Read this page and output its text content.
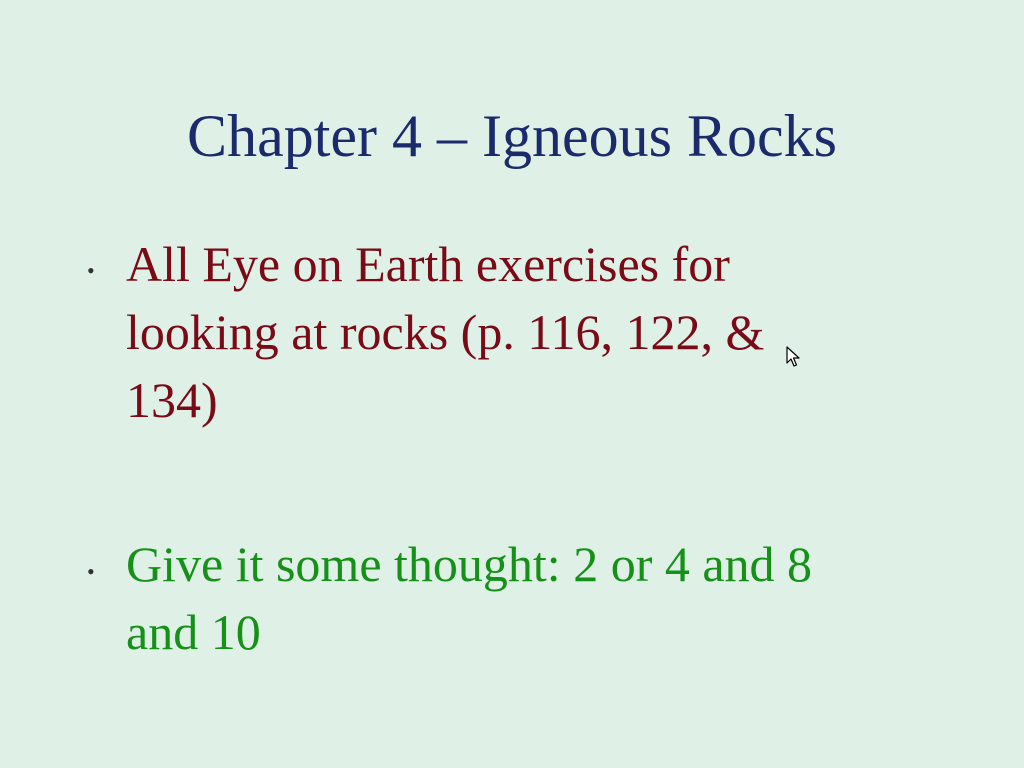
Chapter 4 – Igneous Rocks
• All Eye on Earth exercises for
looking at rocks (p. 116, 122, &
134)
• Give it some thought: 2 or 4 and 8
and 10
